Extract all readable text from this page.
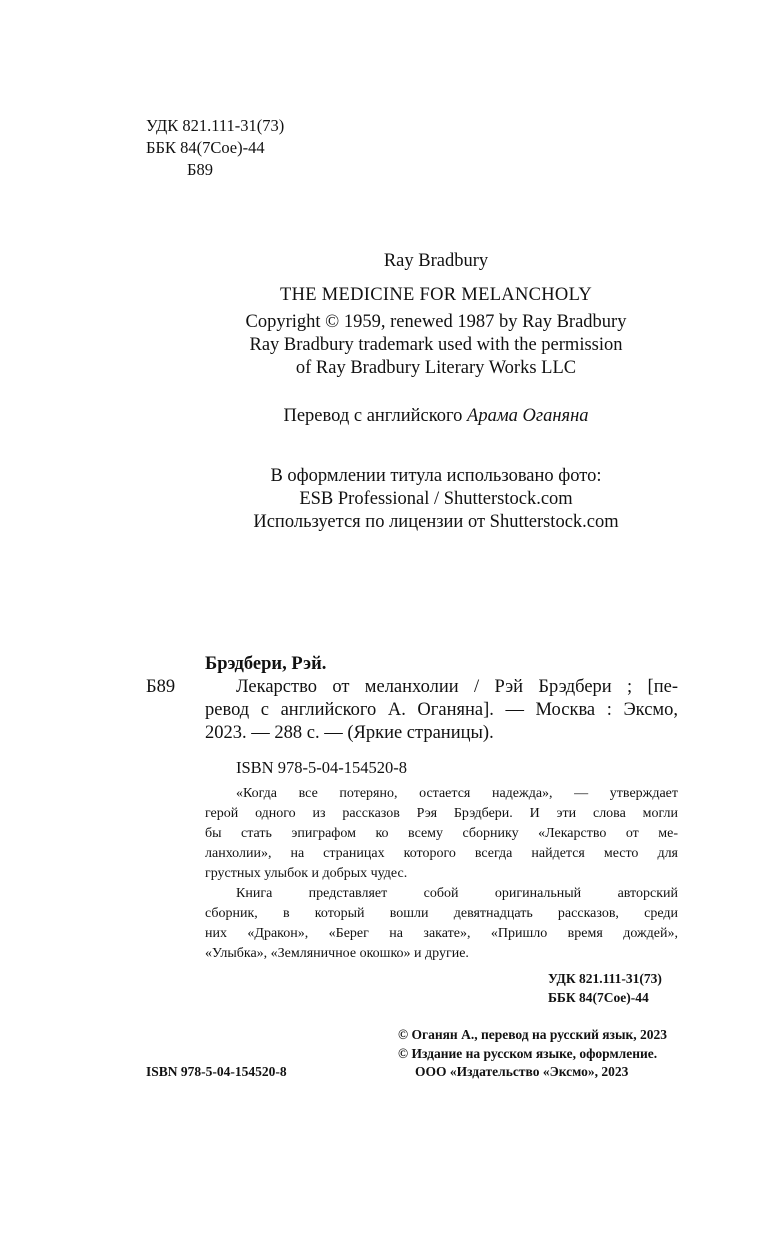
УДК 821.111-31(73)
ББК 84(7Сое)-44
Б89
Ray Bradbury
THE MEDICINE FOR MELANCHOLY
Copyright © 1959, renewed 1987 by Ray Bradbury
Ray Bradbury trademark used with the permission
of Ray Bradbury Literary Works LLC
Перевод с английского Арама Оганяна
В оформлении титула использовано фото:
ESB Professional / Shutterstock.com
Используется по лицензии от Shutterstock.com
Брэдбери, Рэй.
Б89	Лекарство от меланхолии / Рэй Брэдбери ; [пе-
ревод с английского А. Оганяна]. — Москва : Эксмо,
2023. — 288 с. — (Яркие страницы).
ISBN 978-5-04-154520-8
«Когда все потеряно, остается надежда», — утверждает
герой одного из рассказов Рэя Брэдбери. И эти слова могли
бы стать эпиграфом ко всему сборнику «Лекарство от ме-
ланхолии», на страницах которого всегда найдется место для
грустных улыбок и добрых чудес.
Книга представляет собой оригинальный авторский
сборник, в который вошли девятнадцать рассказов, среди
них «Дракон», «Берег на закате», «Пришло время дождей»,
«Улыбка», «Земляничное окошко» и другие.
УДК 821.111-31(73)
ББК 84(7Сое)-44
© Оганян А., перевод на русский язык, 2023
© Издание на русском языке, оформление.
ООО «Издательство «Эксмо», 2023
ISBN 978-5-04-154520-8
